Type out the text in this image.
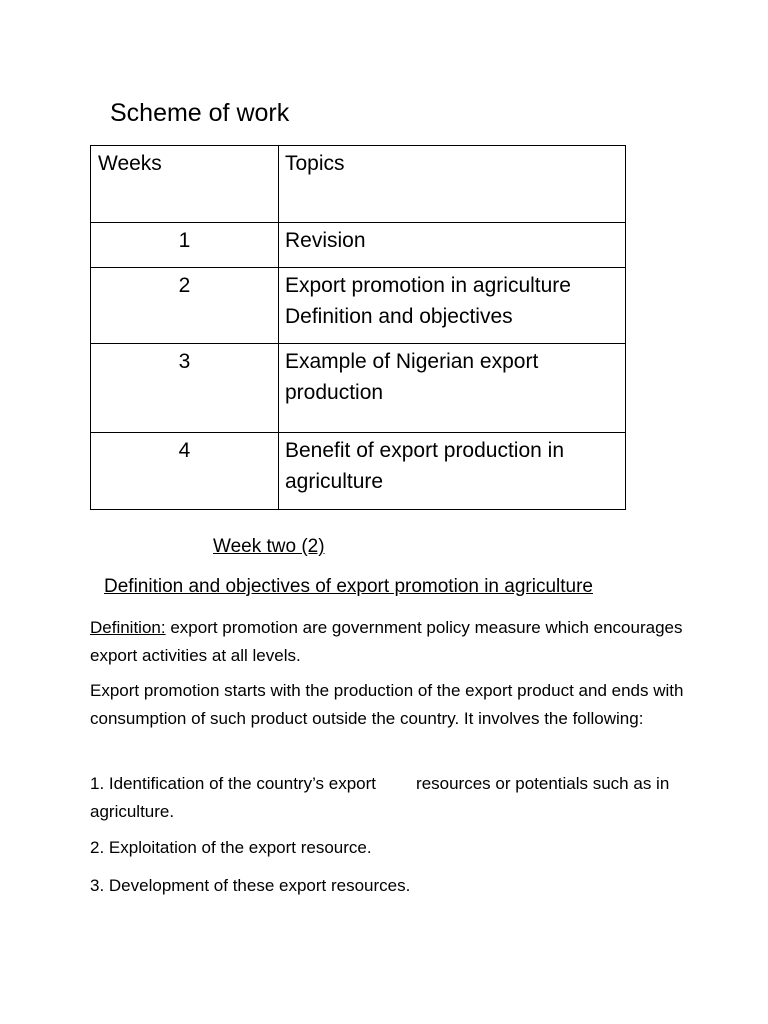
Scheme of work
Weeks	Topics
1	Revision

2	Export promotion in agriculture
Definition and objectives

3	Example of Nigerian export
production

4	Benefit of export production in
agriculture
Week two (2)
Definition and objectives of export promotion in agriculture
Definition: export promotion are government policy measure which encourages export activities at all levels.
Export promotion starts with the production of the export product and ends with consumption of such product outside the country. It involves the following:
1. Identification of the country’s export resources or potentials such as in agriculture.
2. Exploitation of the export resource.
3. Development of these export resources.
